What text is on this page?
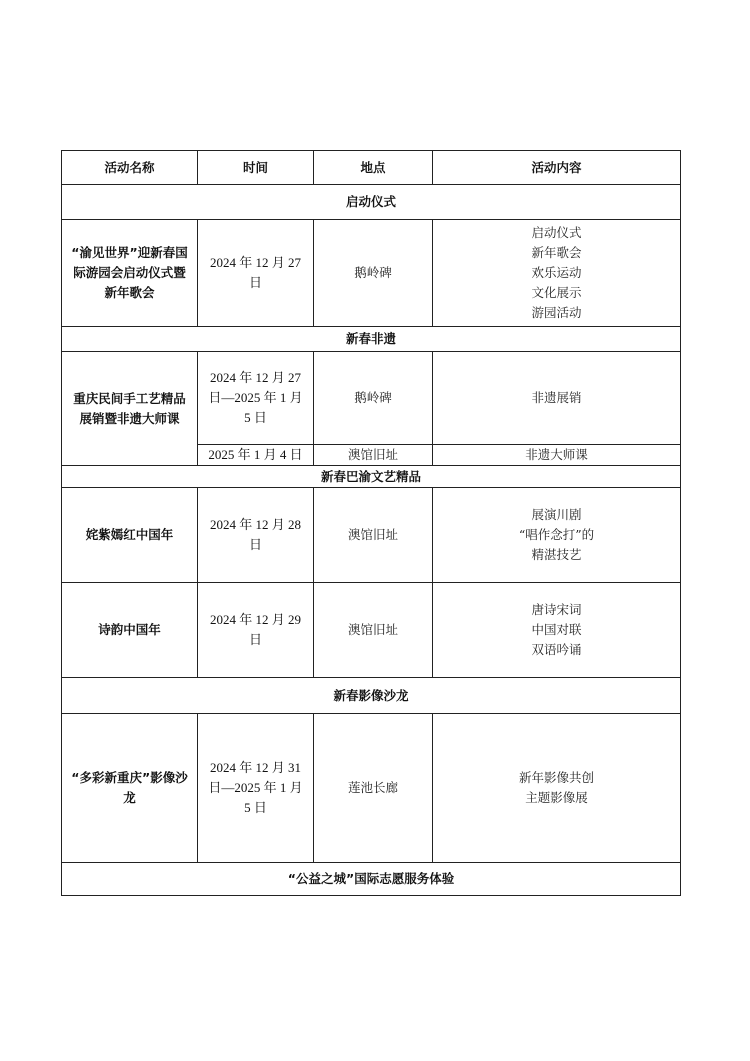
活动名称	时间	地点	活动内容
启动仪式			
“渝见世界”迎新春国际游园会启动仪式暨新年歌会	2024 年 12 月 27 日	鹅岭碑	启动仪式
新年歌会
欢乐运动
文化展示
游园活动
新春非遗			
重庆民间手工艺精品展销暨非遗大师课	2024 年 12 月 27 日—2025 年 1 月 5 日	鹅岭碑	非遗展销
	2025 年 1 月 4 日	澳馆旧址	非遗大师课
新春巴渝文艺精品			
姹紫嫣红中国年	2024 年 12 月 28 日	澳馆旧址	展演川剧
“唱作念打”的
精湛技艺
诗韵中国年	2024 年 12 月 29 日	澳馆旧址	唐诗宋词
中国对联
双语吟诵
新春影像沙龙			
“多彩新重庆”影像沙龙	2024 年 12 月 31 日—2025 年 1 月 5 日	莲池长廊	新年影像共创
主题影像展
“公益之城”国际志愿服务体验			
